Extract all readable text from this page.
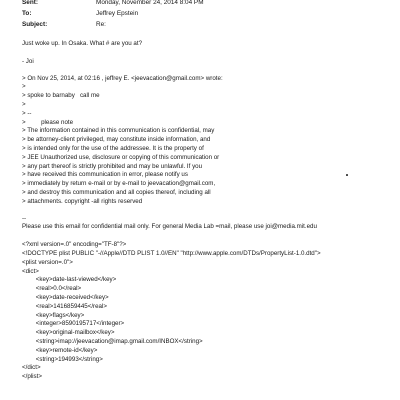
Sent:	Monday, November 24, 2014 8:04 PM
To:	Jeffrey Epstein
Subject:	Re:
Just woke up. In Osaka. What # are you at?
- Joi
> On Nov 25, 2014, at 02:16 , jeffrey E. <jeevacation@gmail.com> wrote:
>
> spoke to barnaby   call me
>
> --
>         please note
> The information contained in this communication is confidential, may
> be attorney-client privileged, may constitute inside information, and
> is intended only for the use of the addressee. It is the property of
> JEE Unauthorized use, disclosure or copying of this communication or
> any part thereof is strictly prohibited and may be unlawful. If you
> have received this communication in error, please notify us
> immediately by return e-mail or by e-mail to jeevacation@gmail.com,
> and destroy this communication and all copies thereof, including all
> attachments. copyright -all rights reserved
--
Please use this email for confidential mail only. For general Media Lab =mail, please use joi@media.mit.edu
<?xml version=.0" encoding="TF-8"?>
<!DOCTYPE plist PUBLIC "-//Apple//DTD PLIST 1.0//EN" "http://www.apple.com/DTDs/PropertyList-1.0.dtd">
<plist version=.0">
<dict>
<key>date-last-viewed</key>
<real>0.0</real>
<key>date-received</key>
<real>1416859445</real>
<key>flags</key>
<integer>8590195717</integer>
<key>original-mailbox</key>
<string>imap://jeevacation@imap.gmail.com/INBOX</string>
<key>remote-id</key>
<string>194993</string>
</dict>
</plist>
